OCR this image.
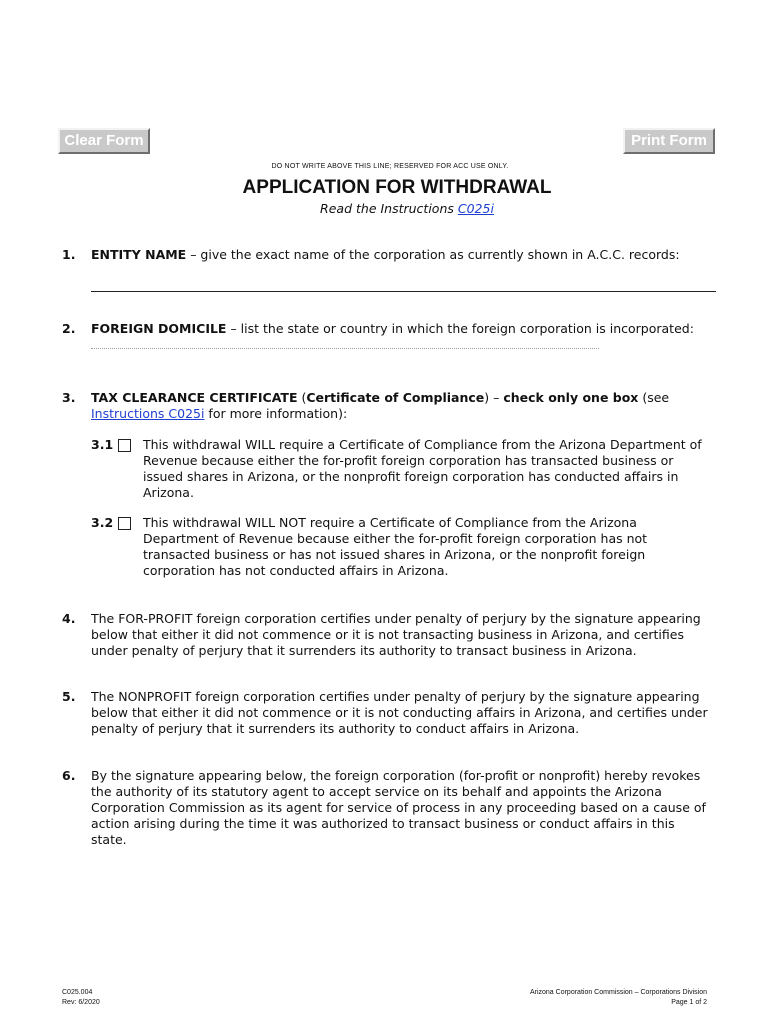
Clear Form	Print Form
DO NOT WRITE ABOVE THIS LINE; RESERVED FOR ACC USE ONLY.
APPLICATION FOR WITHDRAWAL
Read the Instructions C025i
1. ENTITY NAME – give the exact name of the corporation as currently shown in A.C.C. records:
2. FOREIGN DOMICILE – list the state or country in which the foreign corporation is incorporated:
3. TAX CLEARANCE CERTIFICATE (Certificate of Compliance) – check only one box (see Instructions C025i for more information):
3.1 This withdrawal WILL require a Certificate of Compliance from the Arizona Department of Revenue because either the for-profit foreign corporation has transacted business or issued shares in Arizona, or the nonprofit foreign corporation has conducted affairs in Arizona.
3.2 This withdrawal WILL NOT require a Certificate of Compliance from the Arizona Department of Revenue because either the for-profit foreign corporation has not transacted business or has not issued shares in Arizona, or the nonprofit foreign corporation has not conducted affairs in Arizona.
4. The FOR-PROFIT foreign corporation certifies under penalty of perjury by the signature appearing below that either it did not commence or it is not transacting business in Arizona, and certifies under penalty of perjury that it surrenders its authority to transact business in Arizona.
5. The NONPROFIT foreign corporation certifies under penalty of perjury by the signature appearing below that either it did not commence or it is not conducting affairs in Arizona, and certifies under penalty of perjury that it surrenders its authority to conduct affairs in Arizona.
6. By the signature appearing below, the foreign corporation (for-profit or nonprofit) hereby revokes the authority of its statutory agent to accept service on its behalf and appoints the Arizona Corporation Commission as its agent for service of process in any proceeding based on a cause of action arising during the time it was authorized to transact business or conduct affairs in this state.
C025.004
Rev: 6/2020
Arizona Corporation Commission – Corporations Division
Page 1 of 2
